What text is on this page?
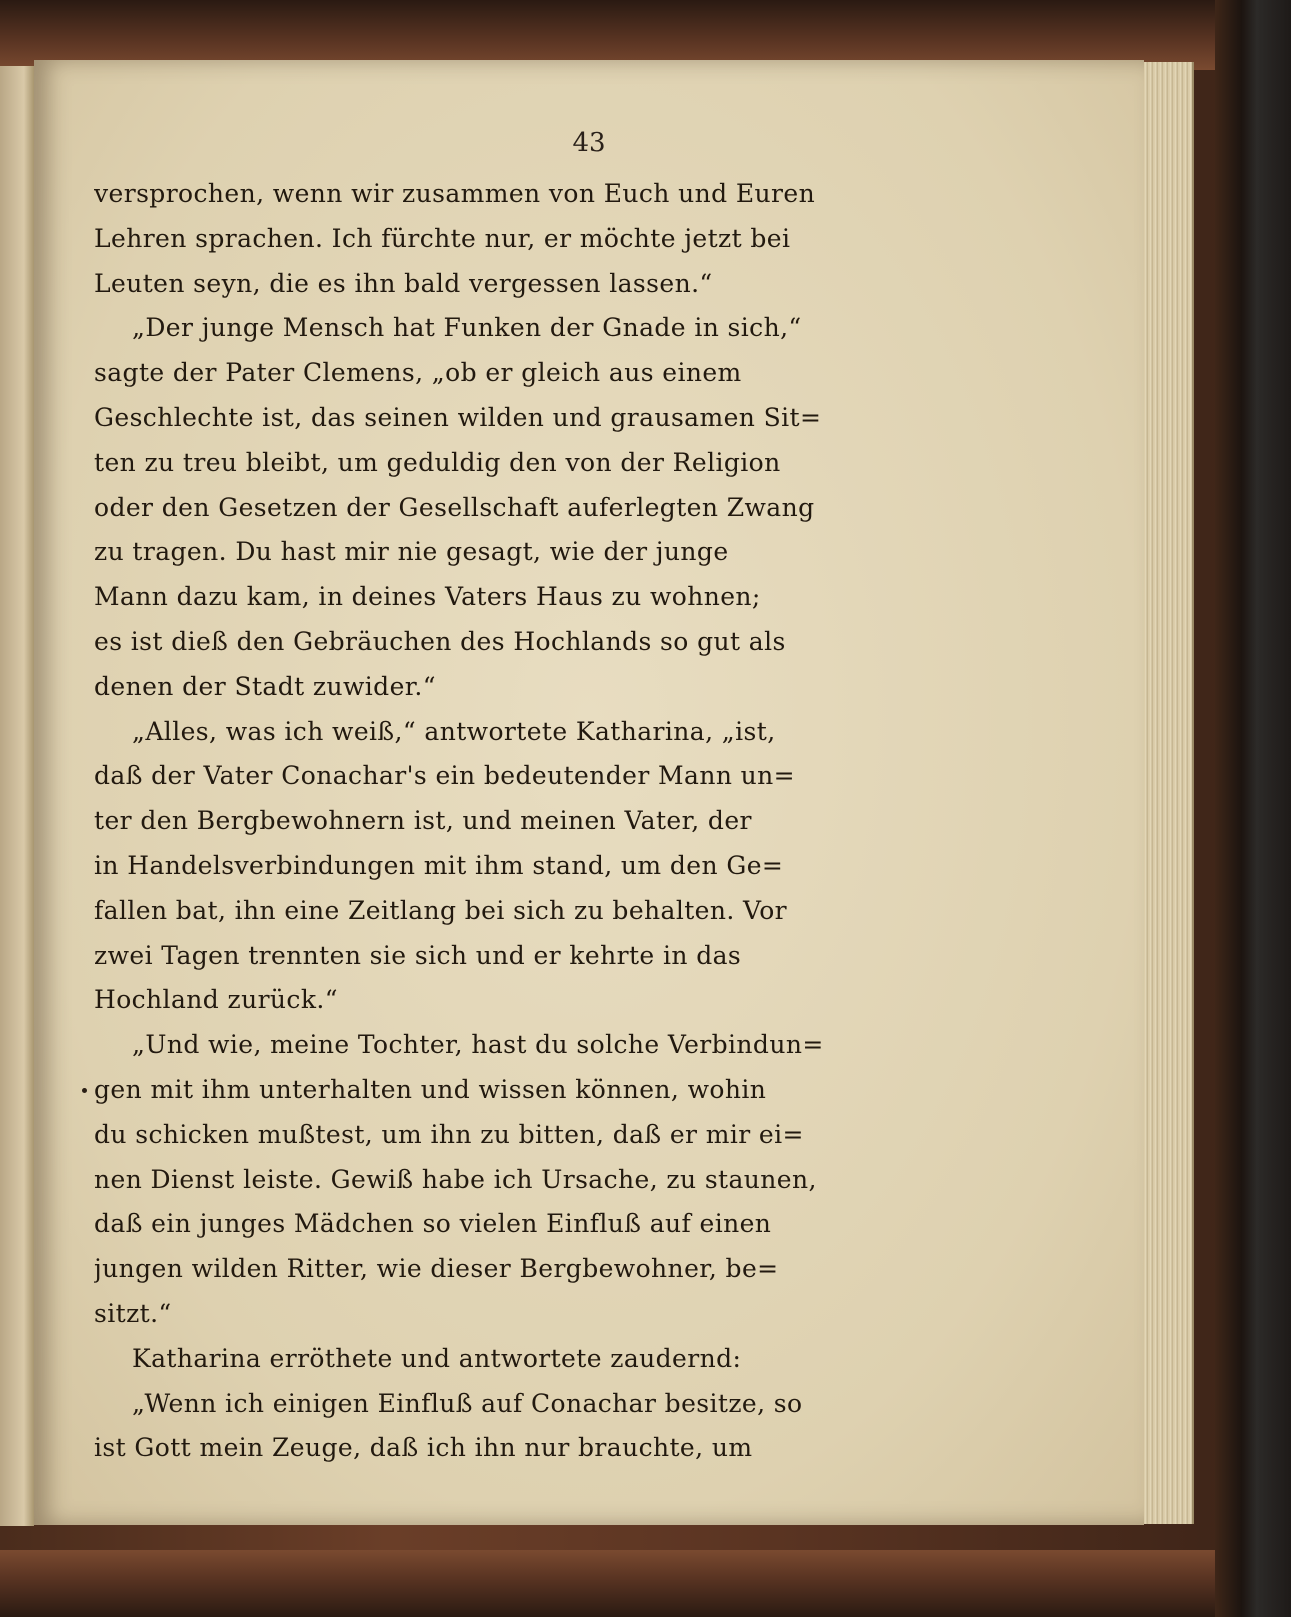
43
versprochen, wenn wir zusammen von Euch und Euren
Lehren sprachen. Ich fürchte nur, er möchte jetzt bei
Leuten seyn, die es ihn bald vergessen lassen.“
„Der junge Mensch hat Funken der Gnade in sich,“
sagte der Pater Clemens, „ob er gleich aus einem
Geschlechte ist, das seinen wilden und grausamen Sit=
ten zu treu bleibt, um geduldig den von der Religion
oder den Gesetzen der Gesellschaft auferlegten Zwang
zu tragen. Du hast mir nie gesagt, wie der junge
Mann dazu kam, in deines Vaters Haus zu wohnen;
es ist dieß den Gebräuchen des Hochlands so gut als
denen der Stadt zuwider.“
„Alles, was ich weiß,“ antwortete Katharina, „ist,
daß der Vater Conachar's ein bedeutender Mann un=
ter den Bergbewohnern ist, und meinen Vater, der
in Handelsverbindungen mit ihm stand, um den Ge=
fallen bat, ihn eine Zeitlang bei sich zu behalten. Vor
zwei Tagen trennten sie sich und er kehrte in das
Hochland zurück.“
„Und wie, meine Tochter, hast du solche Verbindun=
gen mit ihm unterhalten und wissen können, wohin
du schicken mußtest, um ihn zu bitten, daß er mir ei=
nen Dienst leiste. Gewiß habe ich Ursache, zu staunen,
daß ein junges Mädchen so vielen Einfluß auf einen
jungen wilden Ritter, wie dieser Bergbewohner, be=
sitzt.“
Katharina erröthete und antwortete zaudernd:
„Wenn ich einigen Einfluß auf Conachar besitze, so
ist Gott mein Zeuge, daß ich ihn nur brauchte, um
